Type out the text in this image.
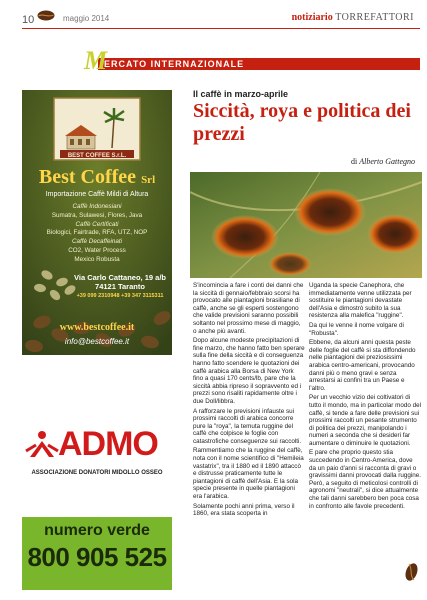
10	maggio 2014	notiziario TORREFATTORI
M
ERCATO INTERNAZIONALE
BEST COFFEE S.r.L.
Best Coffee Srl
Importazione Caffè Mildi di Altura
Caffè Indonesiani
Sumatra, Sulawesi, Flores, Java
Caffè Certificati
Biologici, Fairtrade, RFA, UTZ, NOP
Caffè Decaffeinati
CO2, Water Process
Mexico Robusta
Via Carlo Cattaneo, 19 a/b
74121 Taranto
+39 099 2310948 +39 347 3115311
www.bestcoffee.it
info@bestcoffee.it
ADMO
ASSOCIAZIONE DONATORI MIDOLLO OSSEO
numero verde
800 905 525
Il caffè in marzo-aprile
Siccità, roya e politica dei prezzi
di Alberto Gattegno

S'incomincia a fare i conti dei danni che la siccità di gennaio/febbraio scorsi ha provocato alle piantagioni brasiliane di caffè, anche se gli esperti sostengono che valide previsioni saranno possibili soltanto nel prossimo mese di maggio, o anche più avanti.

Dopo alcune modeste precipitazioni di fine marzo, che hanno fatto ben sperare sulla fine della siccità e di conseguenza hanno fatto scendere le quotazioni dei caffè arabica alla Borsa di New York fino a quasi 170 cents/lb, pare che la siccità abbia ripreso il sopravvento ed i prezzi sono risaliti rapidamente oltre i due Doll/libbra.

A rafforzare le previsioni infauste sui prossimi raccolti di arabica concorre pure la "roya", la temuta ruggine del caffè che colpisce le foglie con catastrofiche conseguenze sui raccolti.

Rammentiamo che la ruggine del caffè, nota con il nome scientifico di "Hemileia vastatrix", tra il 1880 ed il 1890 attaccò e distrusse praticamente tutte le piantagioni di caffè dell'Asia. E la sola specie presente in quelle piantagioni era l'arabica.

Solamente pochi anni prima, verso il 1860, era stata scoperta in

Uganda la specie Canephora, che immediatamente venne utilizzata per sostituire le piantagioni devastate dell'Asia e dimostrò subito la sua resistenza alla malefica "ruggine".

Da qui le venne il nome volgare di "Robusta".

Ebbene, da alcuni anni questa peste delle foglie del caffè si sta diffondendo nelle piantagioni dei preziosissimi arabica centro-americani, provocando danni più o meno gravi e senza arrestarsi ai confini tra un Paese e l'altro.

Per un vecchio vizio dei coltivatori di tutto il mondo, ma in particolar modo del caffè, si tende a fare delle previsioni sui prossimi raccolti un pesante strumento di politica dei prezzi, manipolando i numeri a seconda che si desideri far aumentare o diminuire le quotazioni.

E pare che proprio questo stia succedendo in Centro-America, dove da un paio d'anni si racconta di gravi o gravissimi danni provocati dalla ruggine. Però, a seguito di meticolosi controlli di agronomi "neutrali", si dice attualmente che tali danni sarebbero ben poca cosa in confronto alle favole precedenti.
